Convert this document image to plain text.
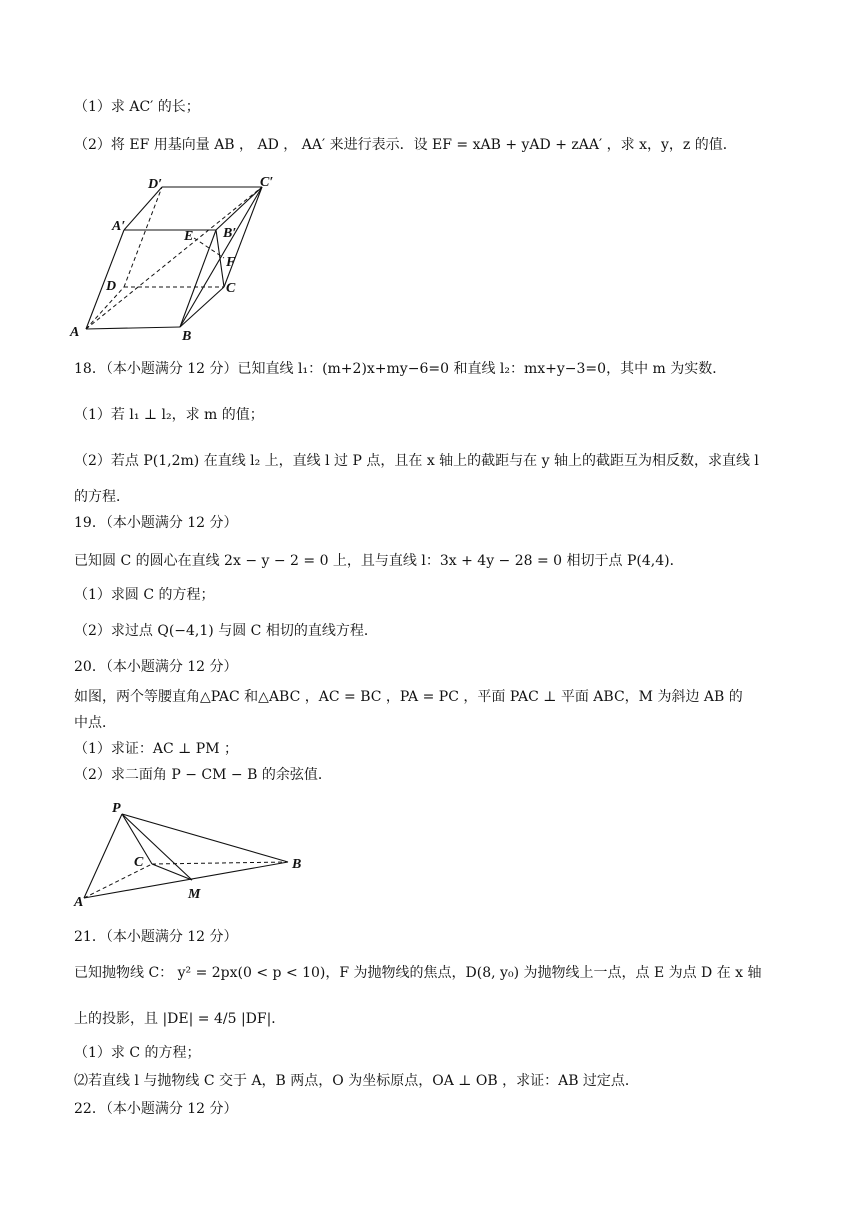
（1）求 AC′ 的长；
（2）将 EF 用基向量 AB ， AD ， AA′ 来进行表示．设 EF = xAB + yAD + zAA′ ，求 x，y，z 的值．
A	B
C
D
A′	B′
C′
D′
E
F
18．（本小题满分 12 分）已知直线 l₁：(m+2)x+my−6=0 和直线 l₂：mx+y−3=0，其中 m 为实数．
（1）若 l₁ ⊥ l₂，求 m 的值；
（2）若点 P(1,2m) 在直线 l₂ 上，直线 l 过 P 点，且在 x 轴上的截距与在 y 轴上的截距互为相反数，求直线 l
的方程．
19．（本小题满分 12 分）
已知圆 C 的圆心在直线 2x − y − 2 = 0 上，且与直线 l：3x + 4y − 28 = 0 相切于点 P(4,4)．
（1）求圆 C 的方程；
（2）求过点 Q(−4,1) 与圆 C 相切的直线方程．
20．（本小题满分 12 分）
如图，两个等腰直角△PAC 和△ABC ，AC = BC ，PA = PC ，平面 PAC ⊥ 平面 ABC，M 为斜边 AB 的
中点．
（1）求证：AC ⊥ PM ；
（2）求二面角 P − CM − B 的余弦值．
P
A
B
C
M
21．（本小题满分 12 分）
已知抛物线 C： y² = 2px(0 < p < 10)，F 为抛物线的焦点，D(8, y₀) 为抛物线上一点，点 E 为点 D 在 x 轴
上的投影，且 |DE| = 4/5 |DF|．
（1）求 C 的方程；
⑵若直线 l 与抛物线 C 交于 A，B 两点，O 为坐标原点，OA ⊥ OB ，求证：AB 过定点．
22．（本小题满分 12 分）
